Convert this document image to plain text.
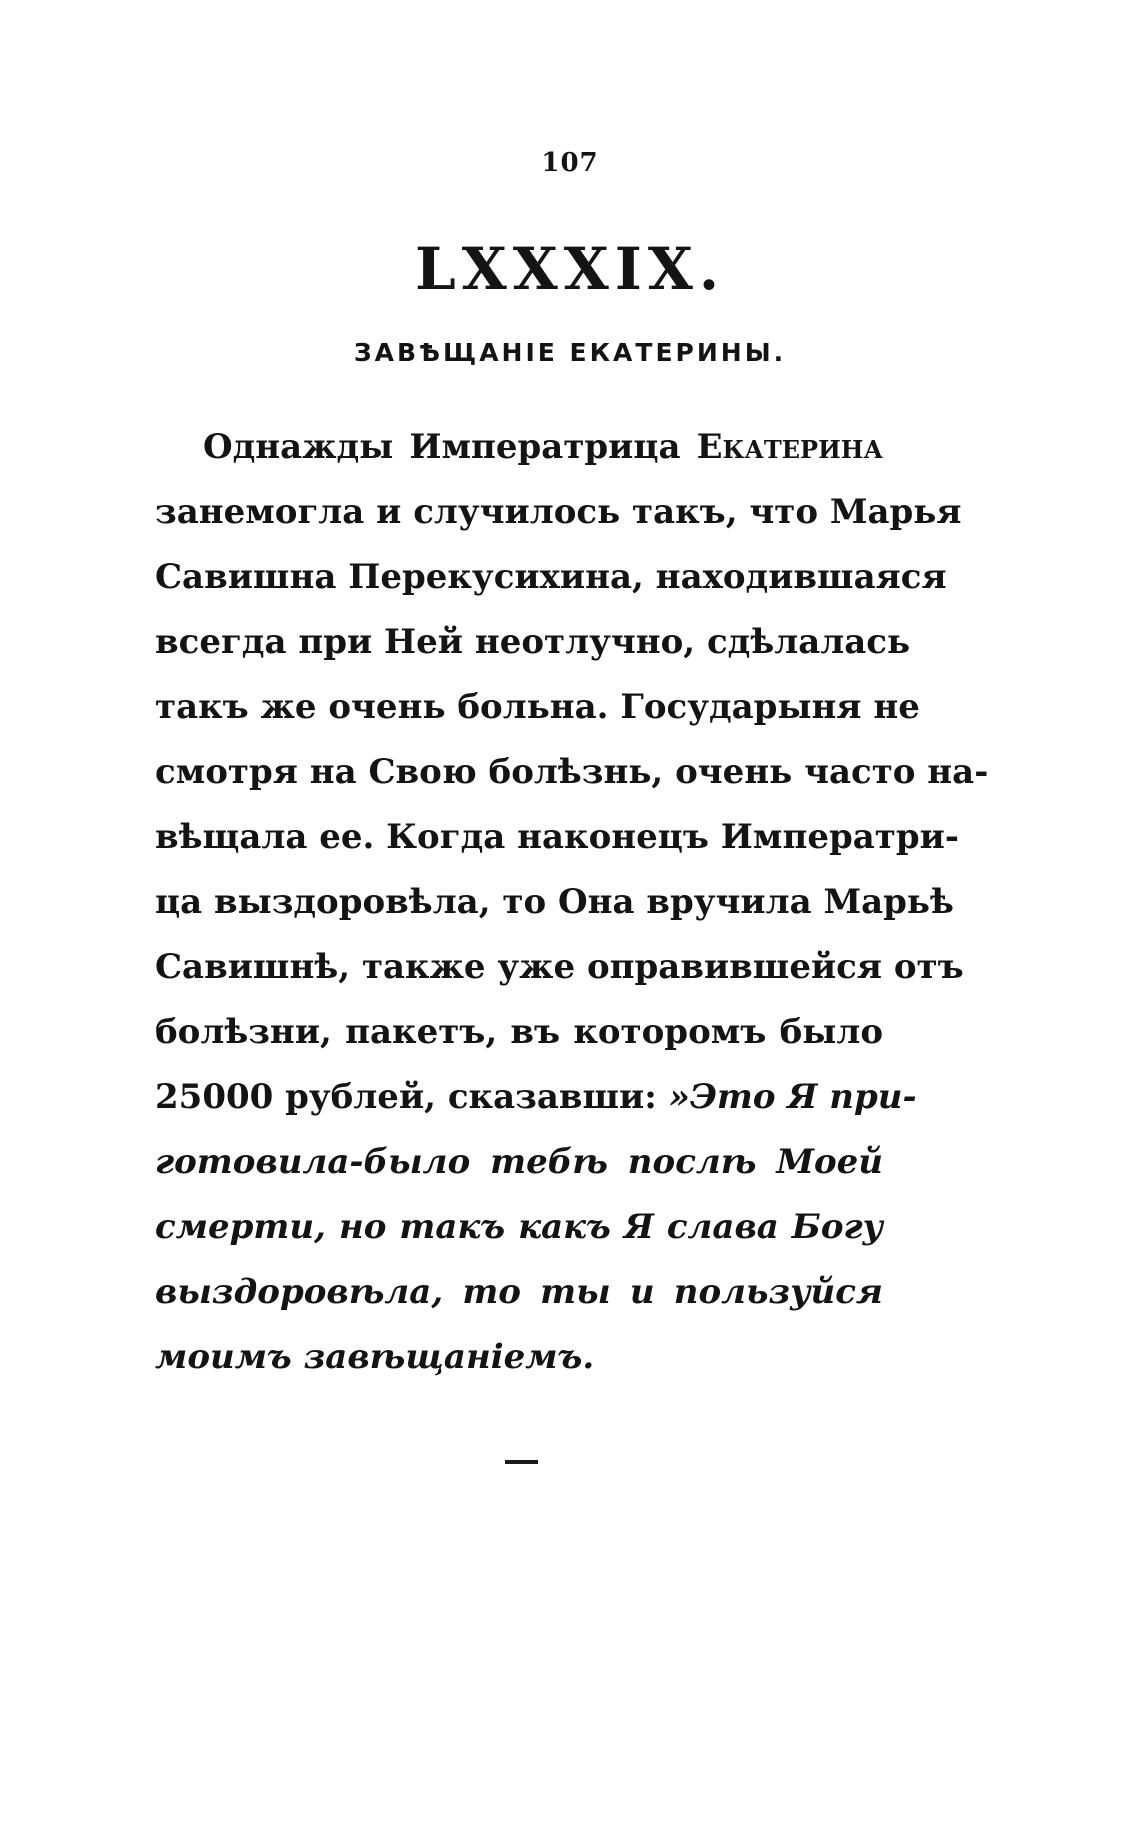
107
LXXXIX.
ЗАВѢЩАНІЕ ЕКАТЕРИНЫ.
Однажды Императрица Екатерина
занемогла и случилось такъ, что Марья
Савишна Перекусихина, находившаяся
всегда при Ней неотлучно, сдѣлалась
такъ же очень больна. Государыня не
смотря на Свою болѣзнь, очень часто на-
вѣщала ее. Когда наконецъ Императри-
ца выздоровѣла, то Она вручила Марьѣ
Савишнѣ, также уже оправившейся отъ
болѣзни, пакетъ, въ которомъ было
25000 рублей, сказавши: »Это Я при-
готовила-было тебѣ послѣ Моей
смерти, но такъ какъ Я слава Богу
выздоровѣла, то ты и пользуйся
моимъ завѣщаніемъ.
